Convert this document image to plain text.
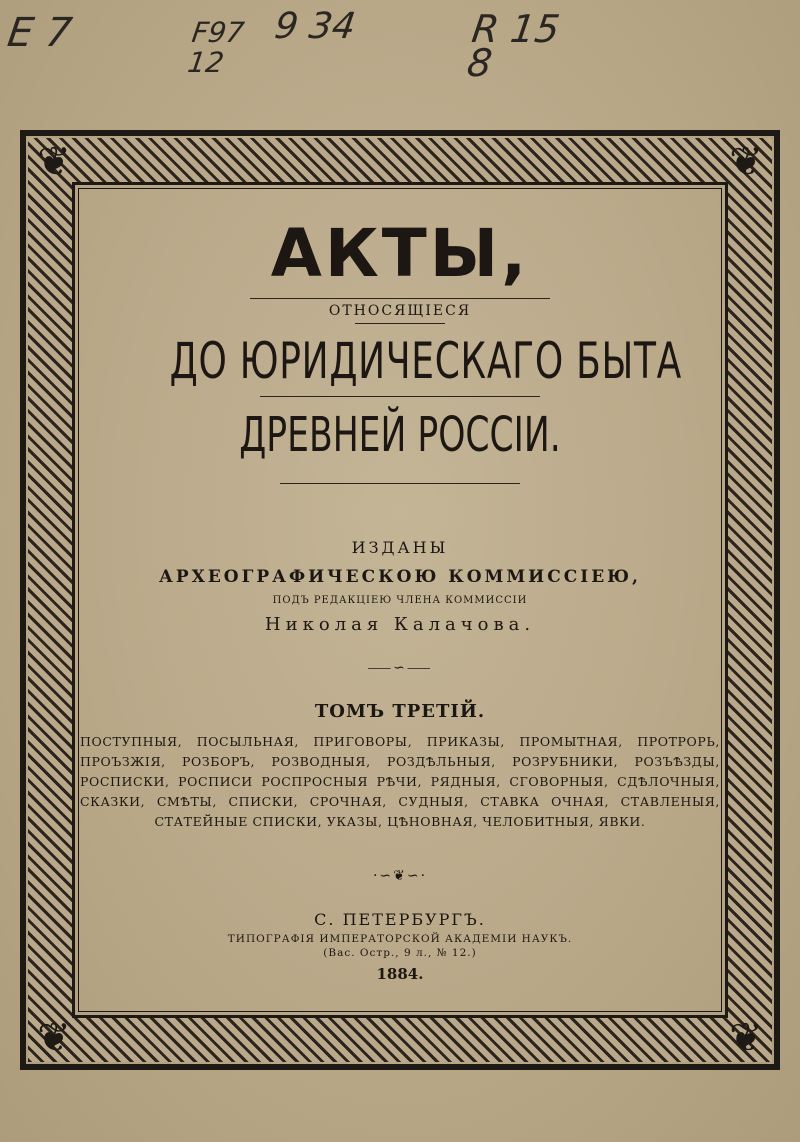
E 7	F97
12
9 34	R 15
8
❦	❦
❦	❦
АКТЫ,
ОТНОСЯЩІЕСЯ
ДО ЮРИДИЧЕСКАГО БЫТА
ДРЕВНЕЙ РОССІИ.
ИЗДАНЫ
АРХЕОГРАФИЧЕСКОЮ КОММИССІЕЮ,
ПОДЪ РЕДАКЦІЕЮ ЧЛЕНА КОММИССІИ
Николая Калачова.
⸺∽⸺
ТОМЪ ТРЕТІЙ.
ПОСТУПНЫЯ, ПОСЫЛЬНАЯ, ПРИГОВОРЫ, ПРИКАЗЫ, ПРОМЫТНАЯ, ПРОТРОРЬ, ПРОЪЗЖІЯ, РОЗБОРЪ, РОЗВОДНЫЯ, РОЗДѢЛЬНЫЯ, РОЗРУБНИКИ, РОЗЪѢЗДЫ, РОСПИСКИ, РОСПИСИ РОСПРОСНЫЯ РѢЧИ, РЯДНЫЯ, СГОВОРНЫЯ, СДѢЛОЧНЫЯ, СКАЗКИ, СМѢТЫ, СПИСКИ, СРОЧНАЯ, СУДНЫЯ, СТАВКА ОЧНАЯ, СТАВЛЕНЫЯ, СТАТЕЙНЫЕ СПИСКИ, УКАЗЫ, ЦѢНОВНАЯ, ЧЕЛОБИТНЫЯ, ЯВКИ.
·∽❦∽·
С. ПЕТЕРБУРГЪ.
ТИПОГРАФІЯ ИМПЕРАТОРСКОЙ АКАДЕМІИ НАУКЪ.
(Вас. Остр., 9 л., № 12.)
1884.
